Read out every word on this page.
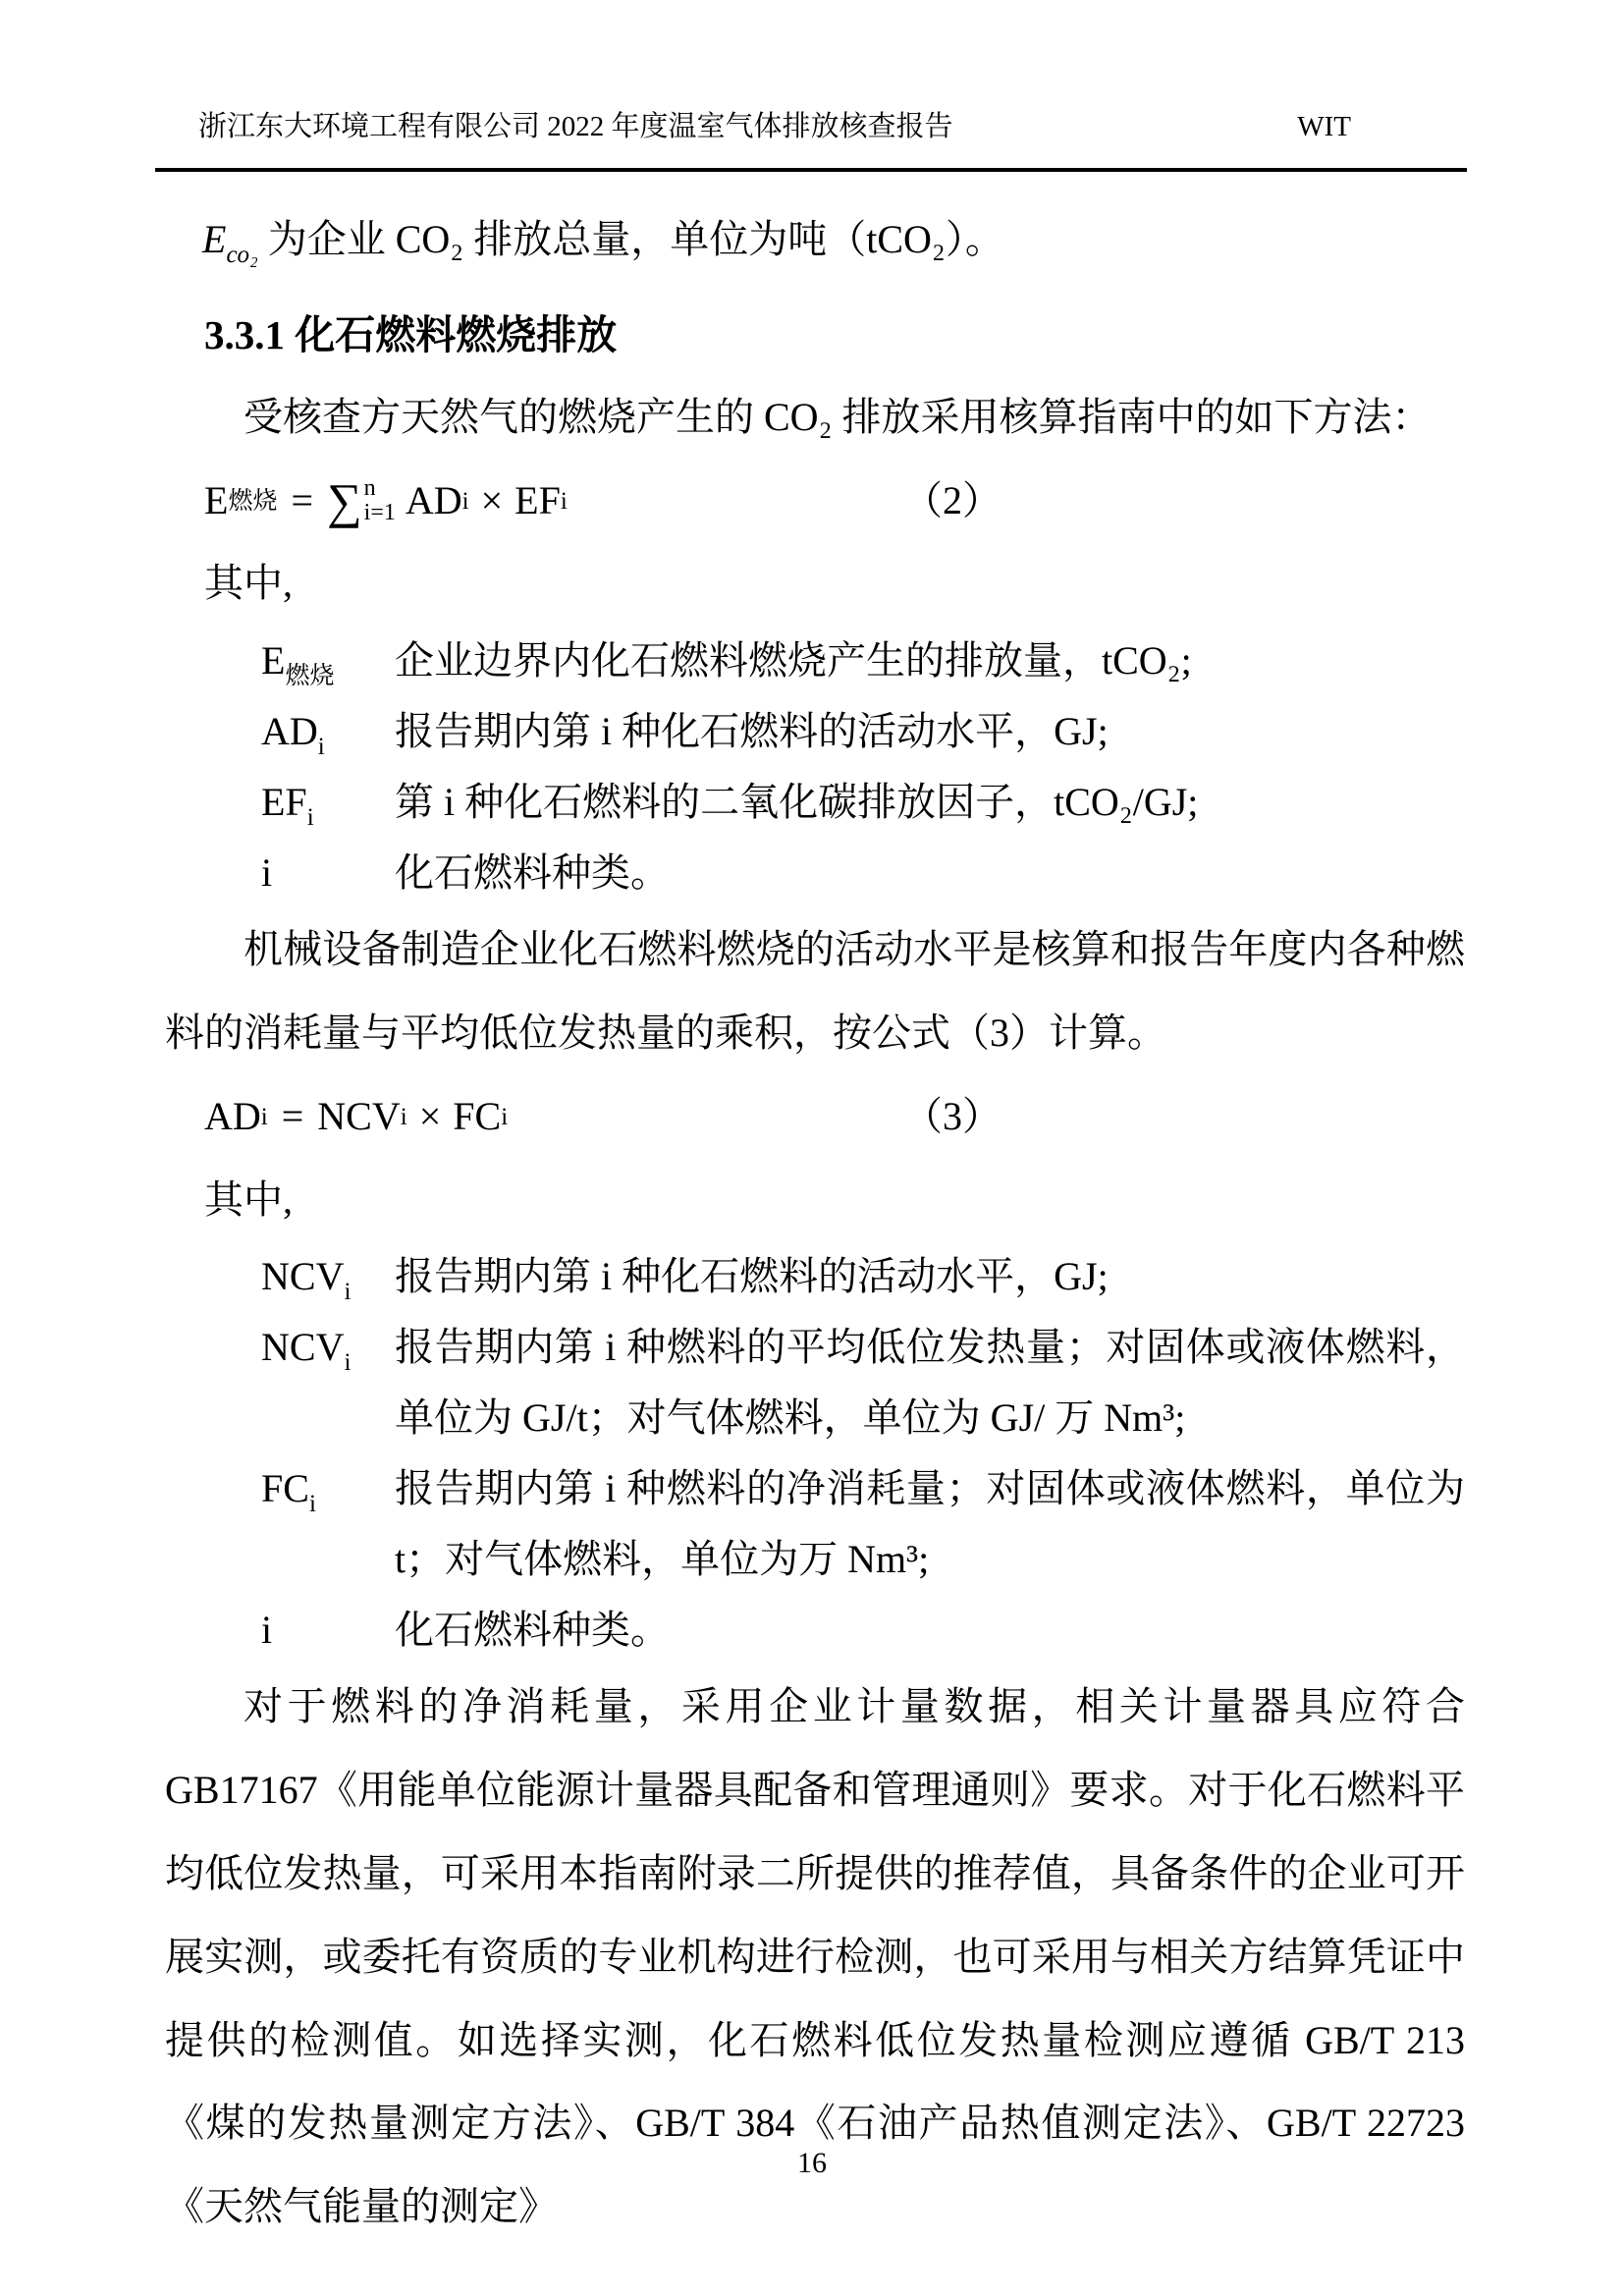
浙江东大环境工程有限公司 2022 年度温室气体排放核查报告	WIT

$E_{co_2}$ 为企业 CO₂ 排放总量，单位为吨（tCO₂）。

3.3.1 化石燃料燃烧排放

受核查方天然气的燃烧产生的 CO₂ 排放采用核算指南中的如下方法：

E 燃烧 = ∑ n
i=1 AD i × EF i	（2）

其中,

$E_{燃烧}$	企业边界内化石燃料燃烧产生的排放量，tCO₂;
$AD_i$	报告期内第 i 种化石燃料的活动水平，GJ;
$EF_i$	第 i 种化石燃料的二氧化碳排放因子，tCO₂/GJ;
i	化石燃料种类。

机械设备制造企业化石燃料燃烧的活动水平是核算和报告年度内各种燃料的消耗量与平均低位发热量的乘积，按公式（3）计算。

AD i = NCV i × FC i	（3）

其中,

$NCV_i$	报告期内第 i 种化石燃料的活动水平，GJ;
$NCV_i$	报告期内第 i 种燃料的平均低位发热量；对固体或液体燃料，单位为 GJ/t；对气体燃料，单位为 GJ/ 万 Nm³;
$FC_i$	报告期内第 i 种燃料的净消耗量；对固体或液体燃料，单位为 t；对气体燃料，单位为万 Nm³;
i	化石燃料种类。

对于燃料的净消耗量，采用企业计量数据，相关计量器具应符合 GB17167《用能单位能源计量器具配备和管理通则》要求。对于化石燃料平均低位发热量，可采用本指南附录二所提供的推荐值，具备条件的企业可开展实测，或委托有资质的专业机构进行检测，也可采用与相关方结算凭证中提供的检测值。如选择实测，化石燃料低位发热量检测应遵循 GB/T 213《煤的发热量测定方法》、GB/T 384《石油产品热值测定法》、GB/T 22723《天然气能量的测定》

16
